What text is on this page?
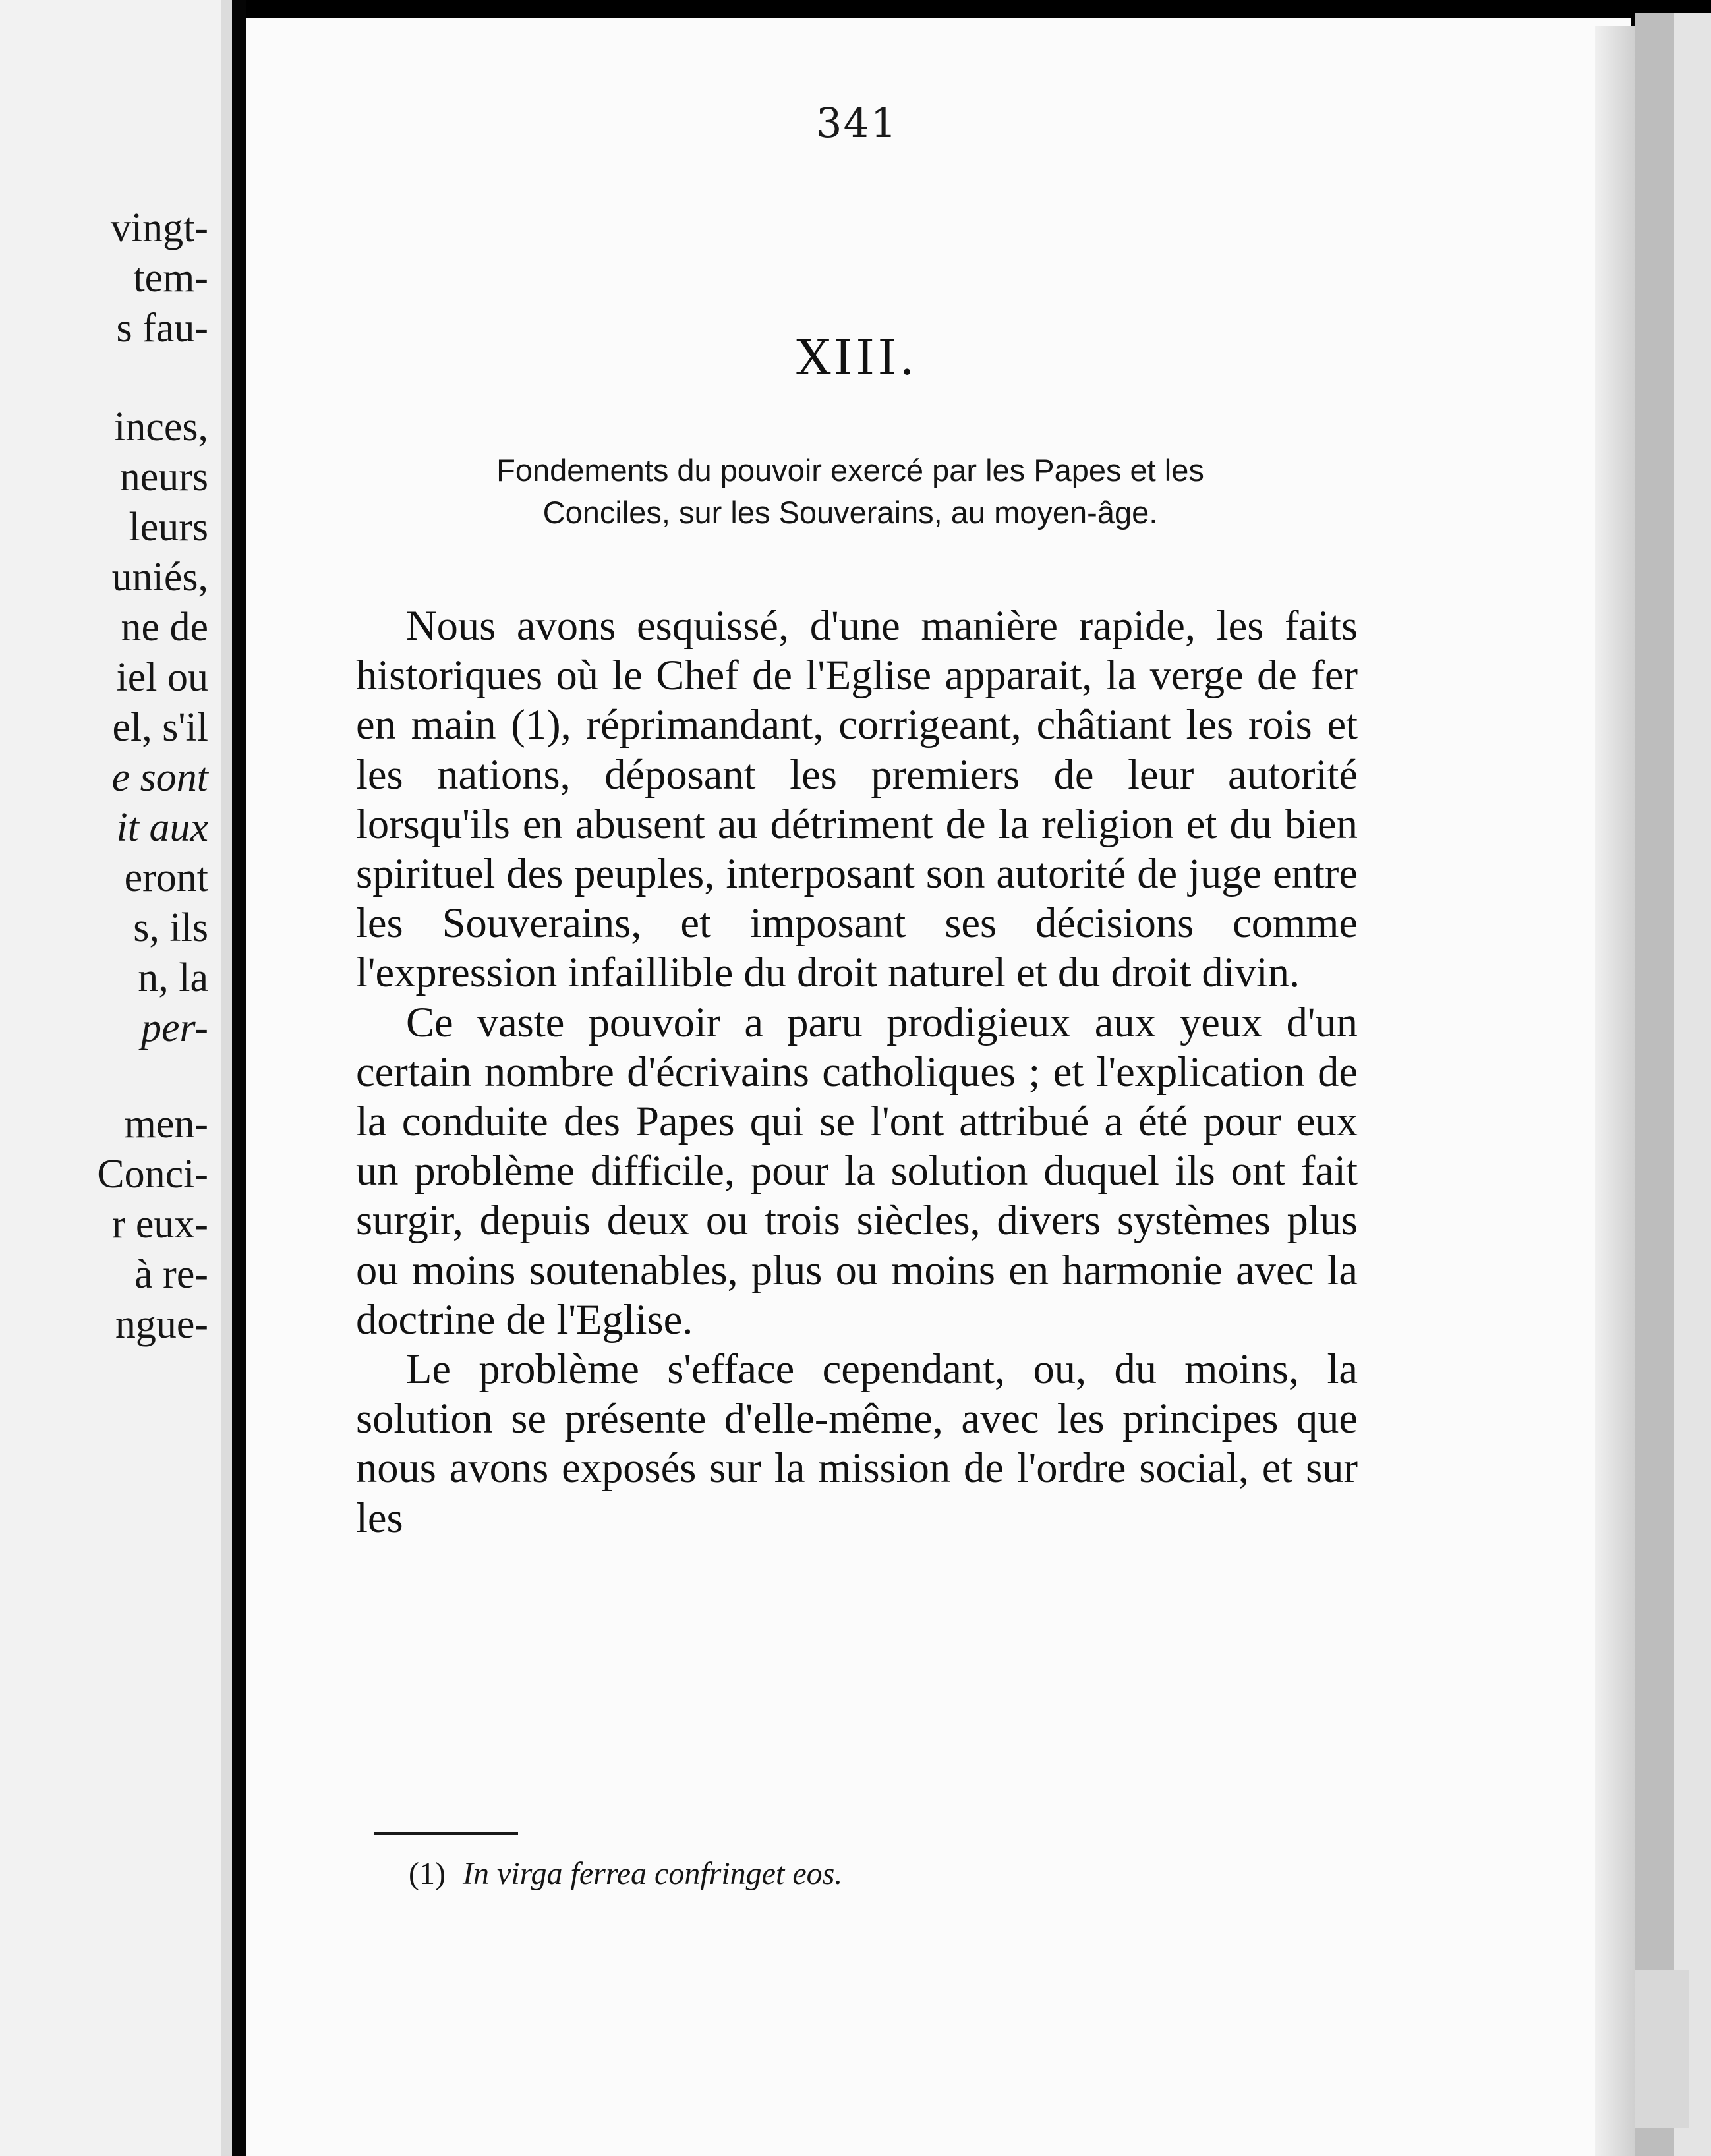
vingt-
tem-
s fau-
inces,
neurs
leurs
uniés,
ne de
iel ou
el, s'il
e sont
it aux
eront
s, ils
n, la
per-
men-
Conci-
r eux-
à re-
ngue-
341
XIII.
Fondements du pouvoir exercé par les Papes et les
Conciles, sur les Souverains, au moyen-âge.

Nous avons esquissé, d'une manière rapide, les faits historiques où le Chef de l'Eglise apparait, la verge de fer en main (1), réprimandant, corrigeant, châtiant les rois et les nations, déposant les premiers de leur autorité lorsqu'ils en abusent au détriment de la religion et du bien spirituel des peuples, interposant son autorité de juge entre les Souverains, et imposant ses décisions comme l'expression infaillible du droit naturel et du droit divin.

Ce vaste pouvoir a paru prodigieux aux yeux d'un certain nombre d'écrivains catholiques ; et l'explication de la conduite des Papes qui se l'ont attribué a été pour eux un problème difficile, pour la solution duquel ils ont fait surgir, depuis deux ou trois siècles, divers systèmes plus ou moins soutenables, plus ou moins en harmonie avec la doctrine de l'Eglise.

Le problème s'efface cependant, ou, du moins, la solution se présente d'elle-même, avec les principes que nous avons exposés sur la mission de l'ordre social, et sur les

(1) In virga ferrea confringet eos.
